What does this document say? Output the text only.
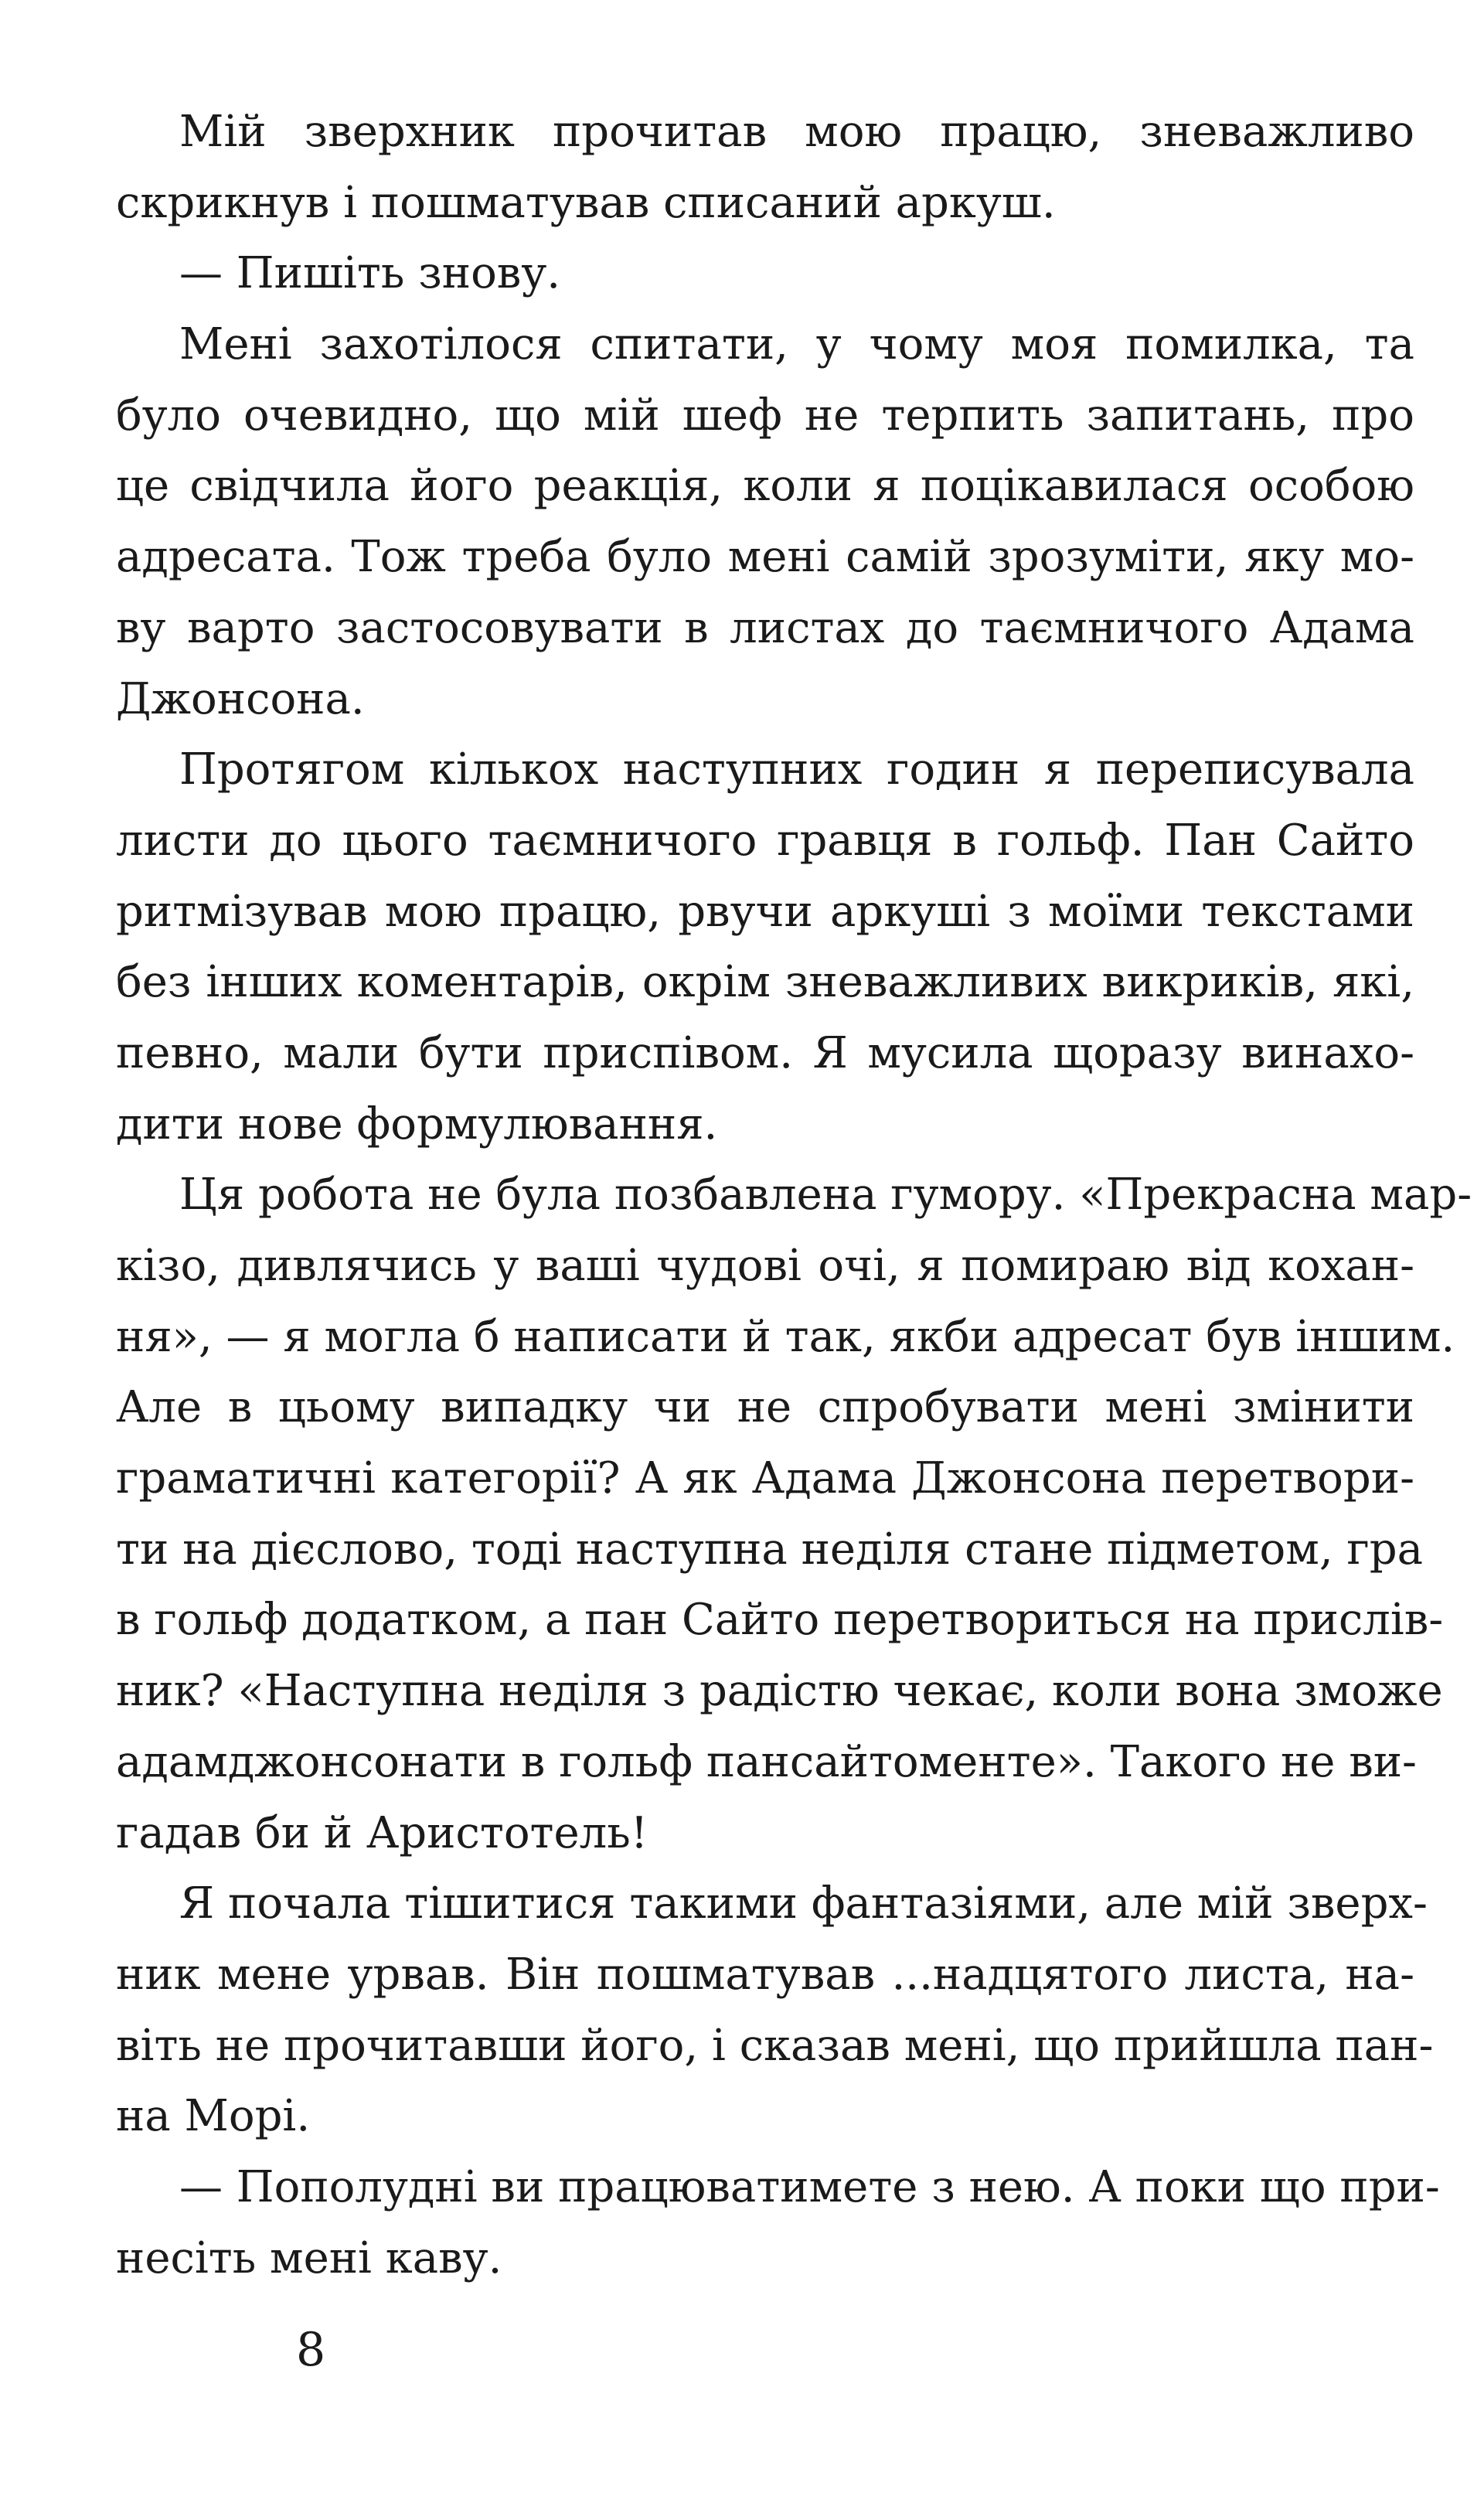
Мій зверхник прочитав мою працю, зневажливо
скрикнув і пошматував списаний аркуш.
— Пишіть знову.
Мені захотілося спитати, у чому моя помилка, та
було очевидно, що мій шеф не терпить запитань, про
це свідчила його реакція, коли я поцікавилася особою
адресата. Тож треба було мені самій зрозуміти, яку мо-
ву варто застосовувати в листах до таємничого Адама
Джонсона.
Протягом кількох наступних годин я переписувала
листи до цього таємничого гравця в гольф. Пан Сайто
ритмізував мою працю, рвучи аркуші з моїми текстами
без інших коментарів, окрім зневажливих викриків, які,
певно, мали бути приспівом. Я мусила щоразу винахо-
дити нове формулювання.
Ця робота не була позбавлена гумору. «Прекрасна мар-
кізо, дивлячись у ваші чудові очі, я помираю від кохан-
ня», — я могла б написати й так, якби адресат був іншим.
Але в цьому випадку чи не спробувати мені змінити
граматичні категорії? А як Адама Джонсона перетвори-
ти на дієслово, тоді наступна неділя стане підметом, гра
в гольф додатком, а пан Сайто перетвориться на прислів-
ник? «Наступна неділя з радістю чекає, коли вона зможе
адамджонсонати в гольф пансайтоменте». Такого не ви-
гадав би й Аристотель!
Я почала тішитися такими фантазіями, але мій зверх-
ник мене урвав. Він пошматував ...надцятого листа, на-
віть не прочитавши його, і сказав мені, що прийшла пан-
на Морі.
— Пополудні ви працюватимете з нею. А поки що при-
несіть мені каву.
8
